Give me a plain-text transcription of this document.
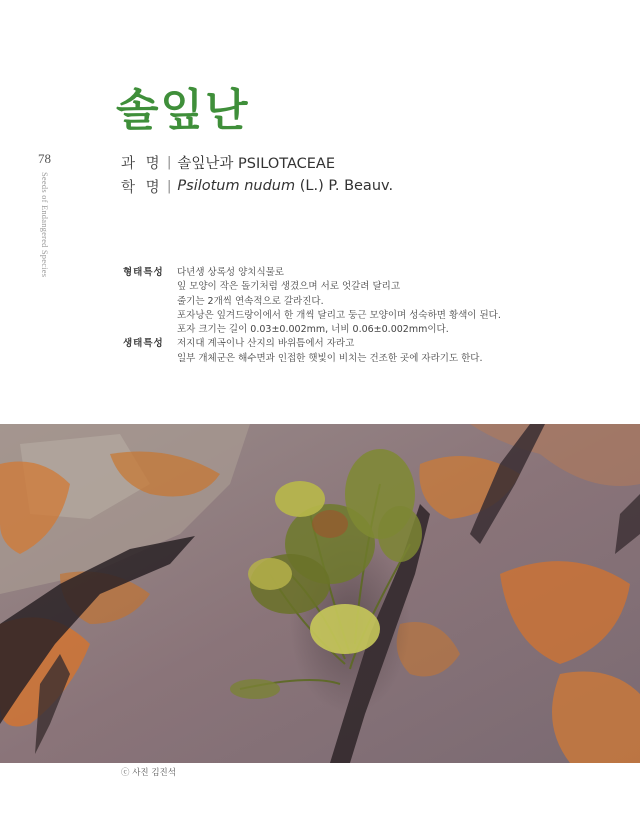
솔잎난
78
Seeds of Endangered Species
과 명 | 솔잎난과 PSILOTACEAE
학 명 | Psilotum nudum (L.) P. Beauv.
형태특성	다년생 상록성 양치식물로
잎 모양이 작은 돌기처럼 생겼으며 서로 엇갈려 달리고
줄기는 2개씩 연속적으로 갈라진다.
포자낭은 잎겨드랑이에서 한 개씩 달리고 둥근 모양이며 성숙하면 황색이 된다.
포자 크기는 길이 0.03±0.002mm, 너비 0.06±0.002mm이다.
생태특성	저지대 계곡이나 산지의 바위틈에서 자라고
일부 개체군은 해수면과 인접한 햇빛이 비치는 건조한 곳에 자라기도 한다.
ⓒ 사진 김진석
